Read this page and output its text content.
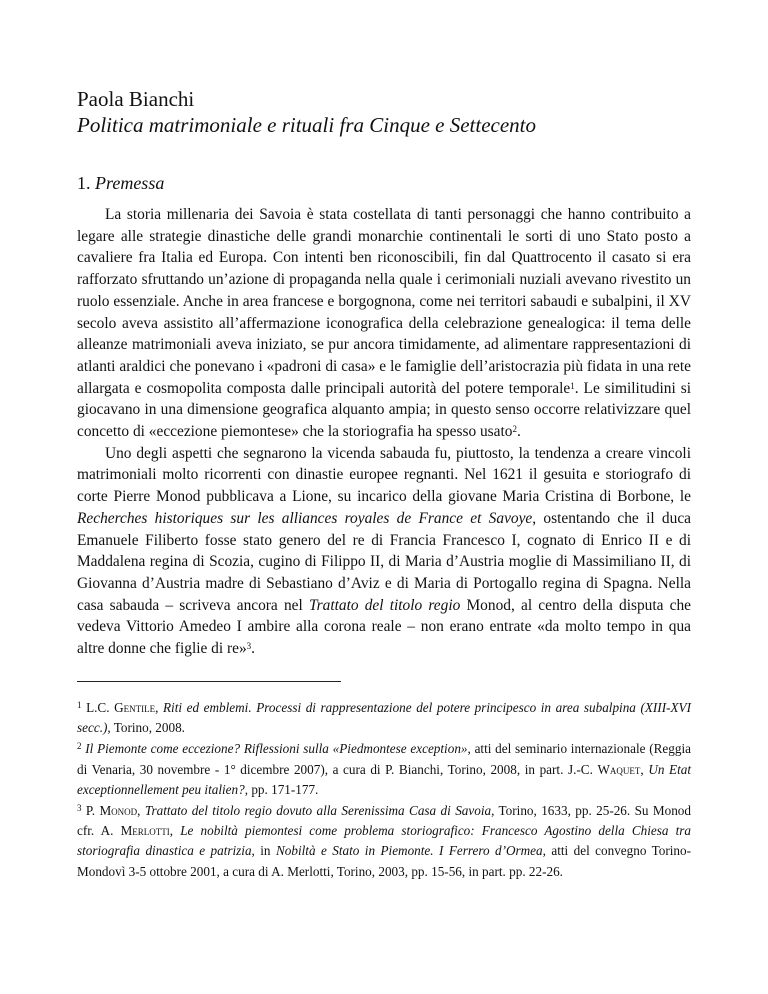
Paola Bianchi
Politica matrimoniale e rituali fra Cinque e Settecento
1. Premessa

La storia millenaria dei Savoia è stata costellata di tanti personaggi che hanno contribuito a legare alle strategie dinastiche delle grandi monarchie continentali le sorti di uno Stato posto a cavaliere fra Italia ed Europa. Con intenti ben riconoscibili, fin dal Quattrocento il casato si era rafforzato sfruttando un’azione di propaganda nella quale i cerimoniali nuziali avevano rivestito un ruolo essenziale. Anche in area francese e borgognona, come nei territori sabaudi e subalpini, il XV secolo aveva assistito all’affermazione iconografica della celebrazione genealogica: il tema delle alleanze matrimoniali aveva iniziato, se pur ancora timidamente, ad alimentare rappresentazioni di atlanti araldici che ponevano i «padroni di casa» e le famiglie dell’aristocrazia più fidata in una rete allargata e cosmopolita composta dalle principali autorità del potere temporale$^1$. Le similitudini si giocavano in una dimensione geografica alquanto ampia; in questo senso occorre relativizzare quel concetto di «eccezione piemontese» che la storiografia ha spesso usato$^2$.

Uno degli aspetti che segnarono la vicenda sabauda fu, piuttosto, la tendenza a creare vincoli matrimoniali molto ricorrenti con dinastie europee regnanti. Nel 1621 il gesuita e storiografo di corte Pierre Monod pubblicava a Lione, su incarico della giovane Maria Cristina di Borbone, le Recherches historiques sur les alliances royales de France et Savoye, ostentando che il duca Emanuele Filiberto fosse stato genero del re di Francia Francesco I, cognato di Enrico II e di Maddalena regina di Scozia, cugino di Filippo II, di Maria d’Austria moglie di Massimiliano II, di Giovanna d’Austria madre di Sebastiano d’Aviz e di Maria di Portogallo regina di Spagna. Nella casa sabauda – scriveva ancora nel Trattato del titolo regio Monod, al centro della disputa che vedeva Vittorio Amedeo I ambire alla corona reale – non erano entrate «da molto tempo in qua altre donne che figlie di re»$^3$.

$^1$ L.C. Gentile, Riti ed emblemi. Processi di rappresentazione del potere principesco in area subalpina (XIII-XVI secc.), Torino, 2008.

$^2$ Il Piemonte come eccezione? Riflessioni sulla «Piedmontese exception», atti del seminario internazionale (Reggia di Venaria, 30 novembre - 1° dicembre 2007), a cura di P. Bianchi, Torino, 2008, in part. J.-C. Waquet, Un Etat exceptionnellement peu italien?, pp. 171-177.

$^3$ P. Monod, Trattato del titolo regio dovuto alla Serenissima Casa di Savoia, Torino, 1633, pp. 25-26. Su Monod cfr. A. Merlotti, Le nobiltà piemontesi come problema storiografico: Francesco Agostino della Chiesa tra storiografia dinastica e patrizia, in Nobiltà e Stato in Piemonte. I Ferrero d’Ormea, atti del convegno Torino-Mondovì 3-5 ottobre 2001, a cura di A. Merlotti, Torino, 2003, pp. 15-56, in part. pp. 22-26.
